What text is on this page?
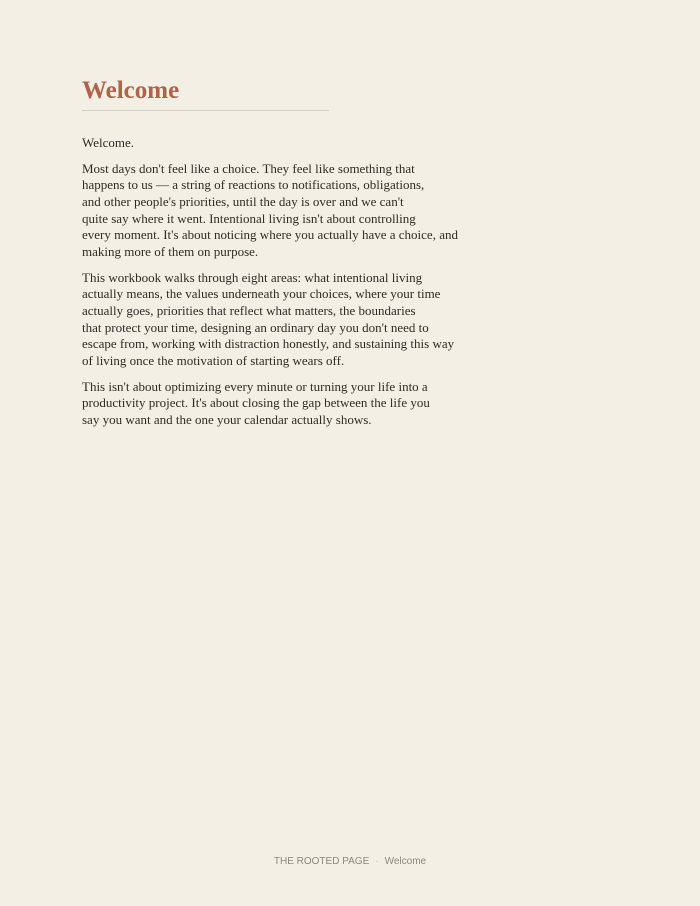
Welcome

Welcome.

Most days don't feel like a choice. They feel like something that
happens to us — a string of reactions to notifications, obligations,
and other people's priorities, until the day is over and we can't
quite say where it went. Intentional living isn't about controlling
every moment. It's about noticing where you actually have a choice, and
making more of them on purpose.

This workbook walks through eight areas: what intentional living
actually means, the values underneath your choices, where your time
actually goes, priorities that reflect what matters, the boundaries
that protect your time, designing an ordinary day you don't need to
escape from, working with distraction honestly, and sustaining this way
of living once the motivation of starting wears off.

This isn't about optimizing every minute or turning your life into a
productivity project. It's about closing the gap between the life you
say you want and the one your calendar actually shows.

THE ROOTED PAGE · Welcome
